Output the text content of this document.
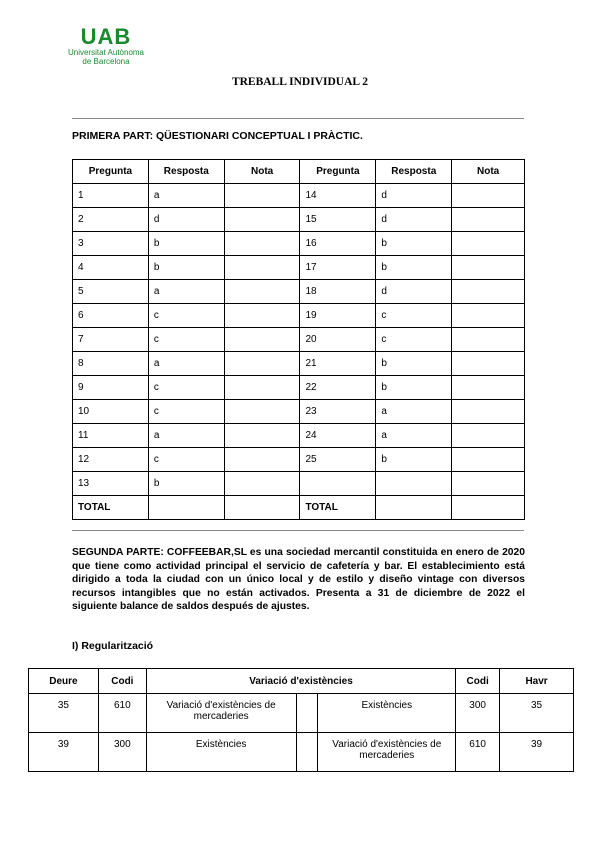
UAB
Universitat Autònoma
de Barcelona
TREBALL INDIVIDUAL 2
PRIMERA PART: QÜESTIONARI CONCEPTUAL I PRÀCTIC.
Pregunta	Resposta	Nota	Pregunta	Resposta	Nota
1	a		14	d	
2	d		15	d	
3	b		16	b	
4	b		17	b	
5	a		18	d	
6	c		19	c	
7	c		20	c	
8	a		21	b	
9	c		22	b	
10	c		23	a	
11	a		24	a	
12	c		25	b	
13	b				
TOTAL			TOTAL		
SEGUNDA PARTE: COFFEEBAR,SL es una sociedad mercantil constituida en enero de 2020 que tiene como actividad principal el servicio de cafetería y bar. El establecimiento está dirigido a toda la ciudad con un único local y de estilo y diseño vintage con diversos recursos intangibles que no están activados. Presenta a 31 de diciembre de 2022 el siguiente balance de saldos después de ajustes.
I) Regularització
Deure	Codi	Variació d'existències			Codi	Havr
35	610	Variació d'existències de mercaderies		Existències	300	35
39	300	Existències		Variació d'existències de mercaderies	610	39
